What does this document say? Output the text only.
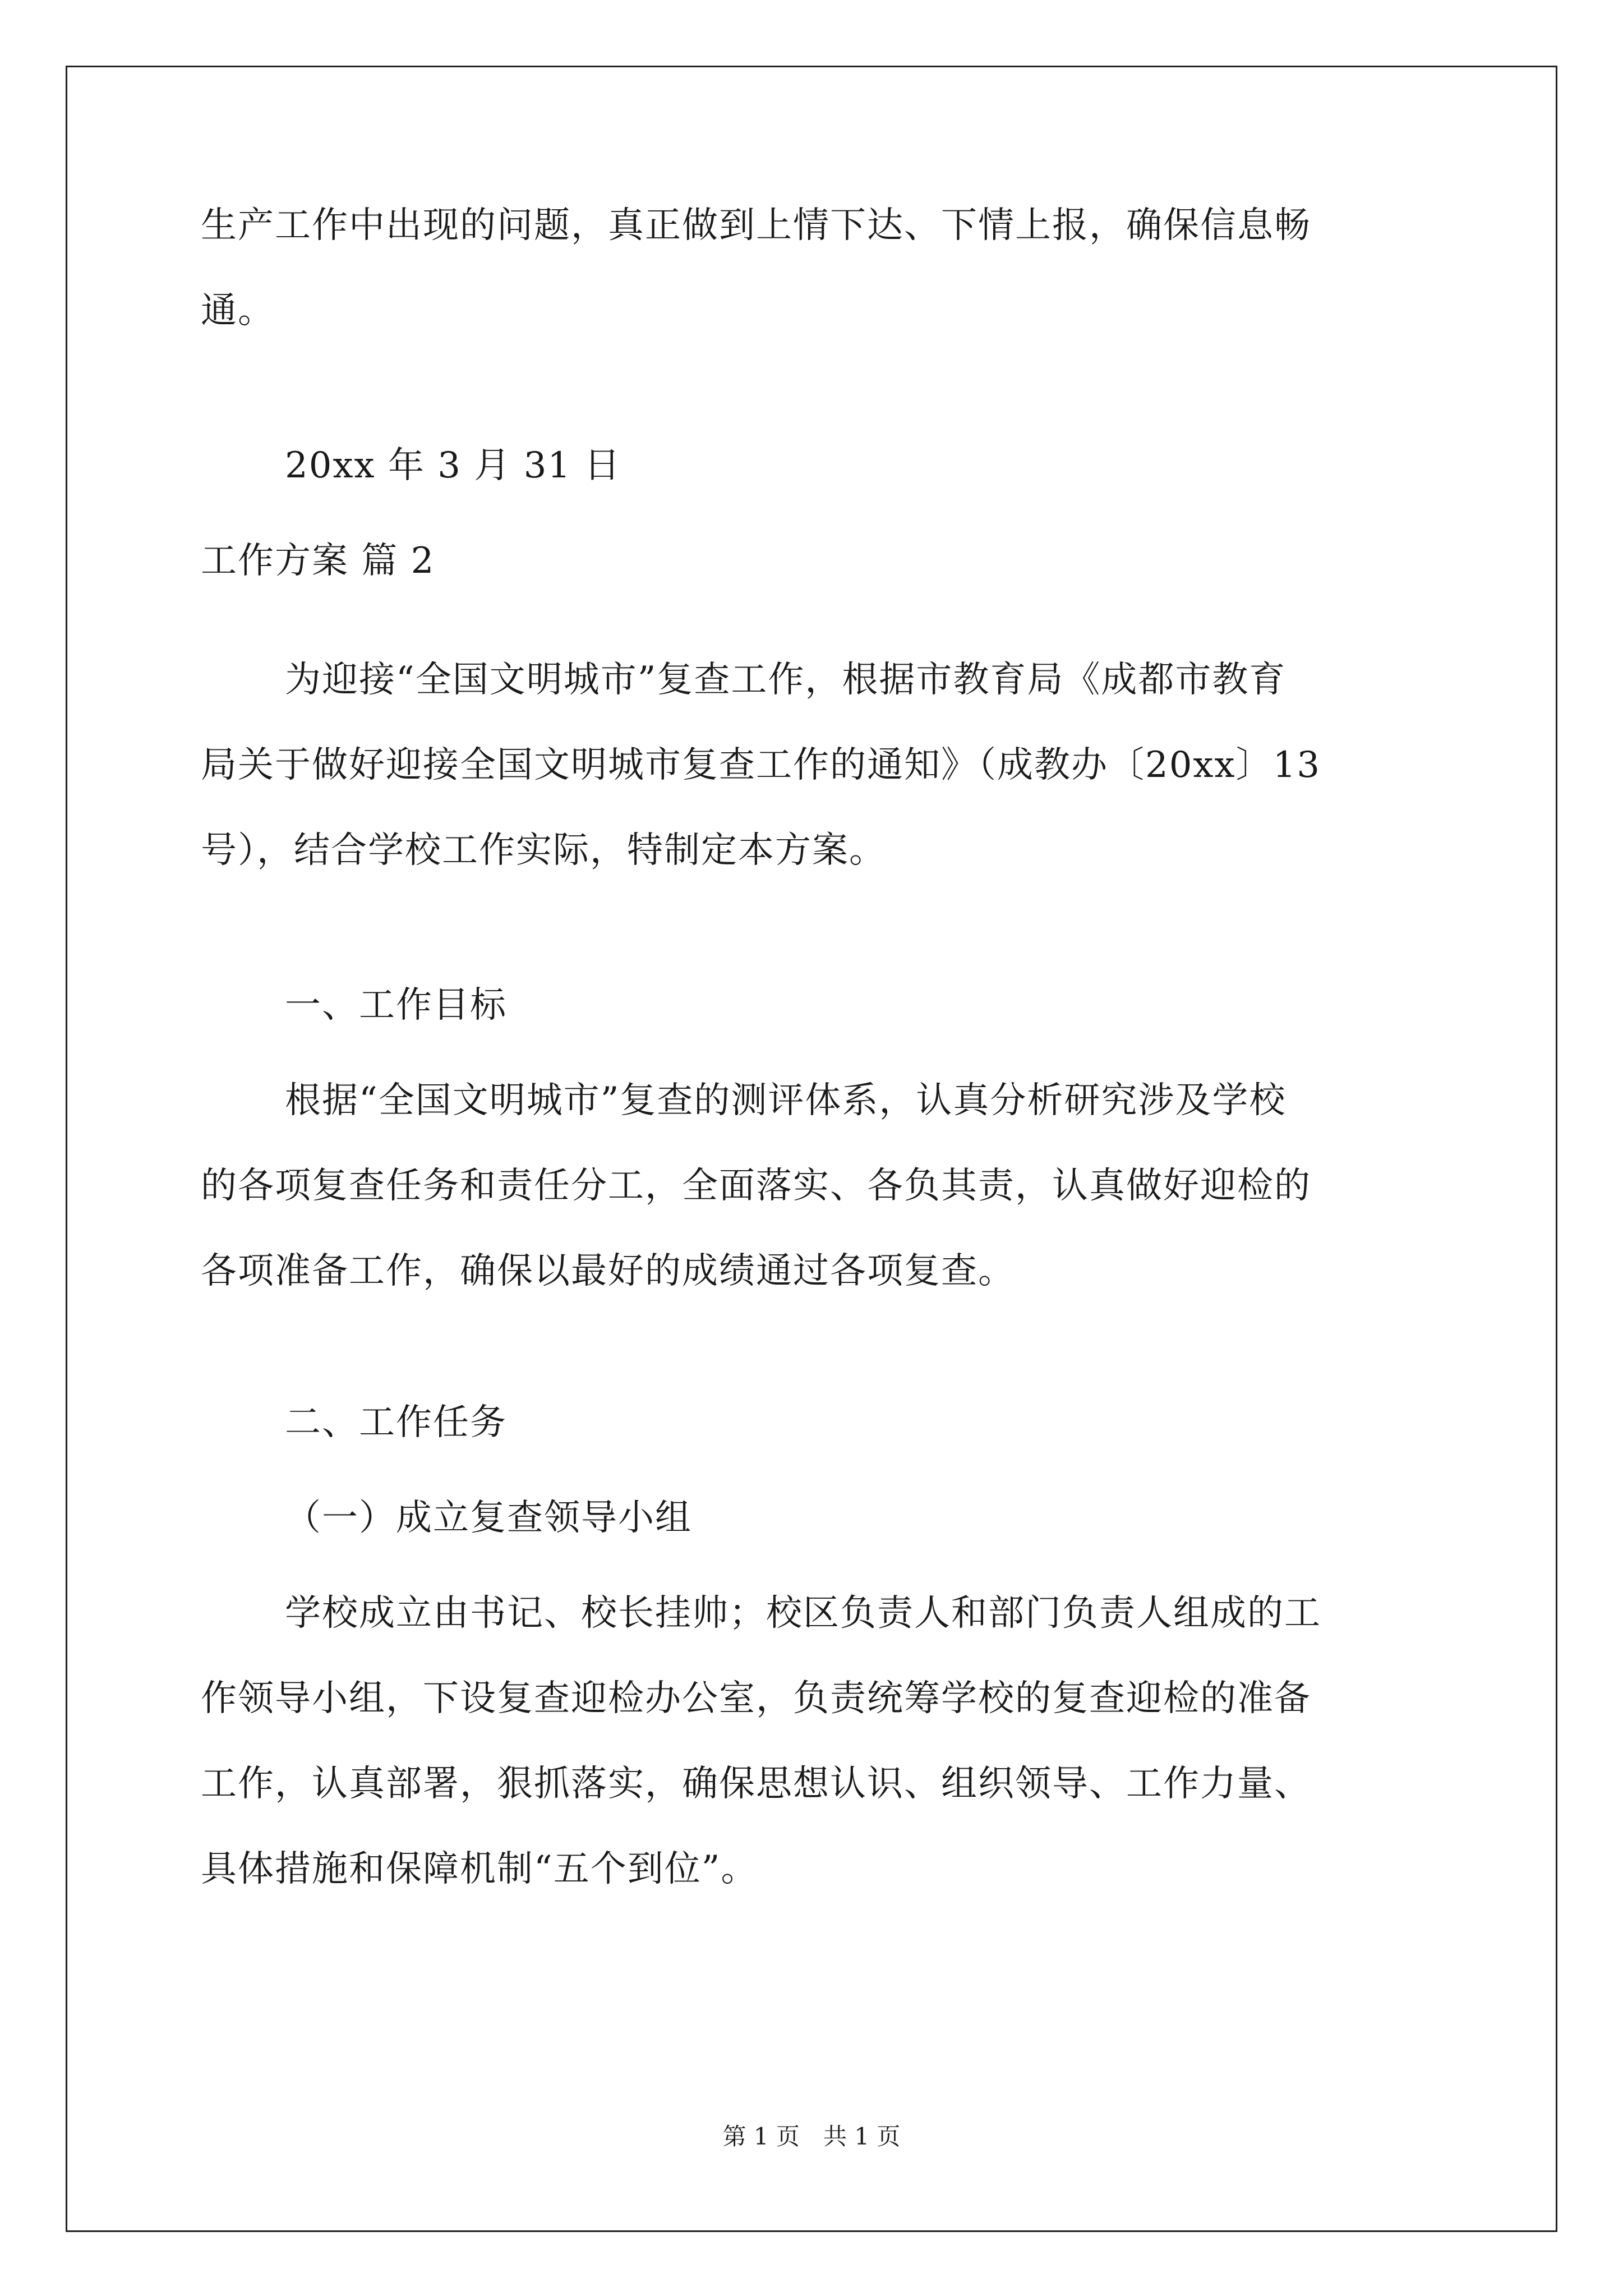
生产工作中出现的问题，真正做到上情下达、下情上报，确保信息畅
通。
20xx 年 3 月 31 日
工作方案 篇 2
为迎接“全国文明城市”复查工作，根据市教育局《成都市教育
局关于做好迎接全国文明城市复查工作的通知》（成教办〔20xx〕13
号），结合学校工作实际，特制定本方案。
一、工作目标
根据“全国文明城市”复查的测评体系，认真分析研究涉及学校
的各项复查任务和责任分工，全面落实、各负其责，认真做好迎检的
各项准备工作，确保以最好的成绩通过各项复查。
二、工作任务
（一）成立复查领导小组
学校成立由书记、校长挂帅；校区负责人和部门负责人组成的工
作领导小组，下设复查迎检办公室，负责统筹学校的复查迎检的准备
工作，认真部署，狠抓落实，确保思想认识、组织领导、工作力量、
具体措施和保障机制“五个到位”。
第 1 页　共 1 页
